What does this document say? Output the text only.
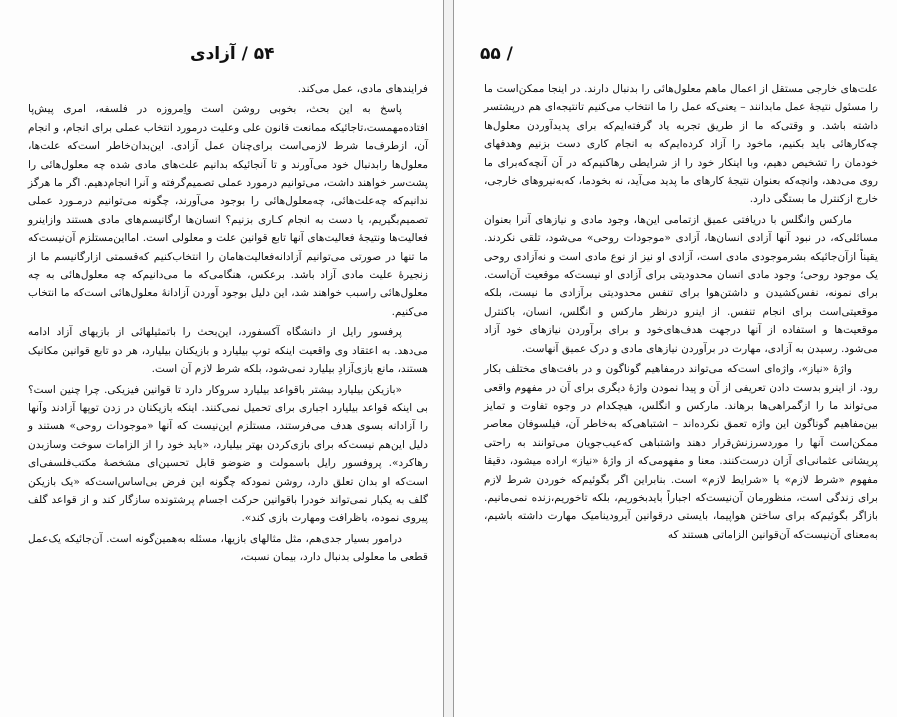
۵۴ / آزادی

فرایندهای مادی، عمل می‌کند.

پاسخ به این بحث، بخوبی روشن است واِمروزه در فلسفه، امری پیش‌پا افتاده‌مهمست،تاجائیکه ممانعت قانون علی وعلیت درمورد انتخاب عملی برای انجام، و انجام آن، ازطرف‌ما شرط لازمی‌است برای‌چنان عمل آزادی. این‌بدان‌خاطر است‌که علت‌ها، معلول‌ها رابدنبال خود می‌آورند و تا آنجائیکه بدانیم علت‌های مادی شده چه معلول‌هائی را پشت‌سر خواهند داشت، می‌توانیم درمورد عملی تصمیم‌گرفته و آنرا انجام‌دهیم. اگر ما هرگز ندانیم‌که چه‌علت‌هائی، چه‌معلول‌هائی را بوجود می‌آورند، چگونه می‌توانیم درمـورد عملی تصمیم‌بگیریم، یا دست به انجام کـاری بزنیم؟ انسان‌ها ارگانیسم‌های مادی هستند وازاینرو فعالیت‌ها ونتیجهٔ فعالیت‌های آنها تابع قوانین علت و معلولی است. امااین‌مستلزم آن‌نیست‌که ما تنها در صورتی می‌توانیم آزادانه‌فعالیت‌هامان را انتخاب‌کنیم که‌قسمتی ازارگانیسم ما از زنجیرهٔ علیت مادی آزاد باشد. برعکس، هنگامی‌که ما می‌دانیم‌که چه معلول‌هائی به چه معلول‌هائی راسبب خواهند شد، این دلیل بوجود آوردن آزادانهٔ معلول‌هائی است‌که ما انتخاب می‌کنیم.

پرفسور رایل از دانشگاه آکسفورد، این‌بحث را باتمثیلهائی از بازیهای آزاد ادامه می‌دهد. به اعتقاد وی واقعیت اینکه توپ بیلیارد و بازیکنان بیلیارد، هر دو تابع قوانین مکانیک هستند، مانع بازی‌آزادِ بیلیارد نمی‌شود، بلکه شرط لازم آن است.

«بازیکن بیلیارد بیشتر باقواعد بیلیارد سروکار دارد تا قوانین فیزیکی. چرا چنین است؟ بی اینکه قواعد بیلیارد اجباری برای تحمیل نمی‌کنند. اینکه بازیکنان در زدن توپها آزادند وآنها را آزادانه بسوی هدف می‌فرستند، مستلزم این‌نیست که آنها «موجودات روحی» هستند و دلیل این‌هم نیست‌که برای بازی‌کردن بهتر بیلیارد، «باید خود را از الزامات سوخت وسازبدن رهاکرد». پروفسور رایل باسمولت و ضوضو قابل تحسین‌ای مشخصهٔ مکتب‌فلسفی‌ای است‌که او بدان تعلق دارد، روشن نمودکه چگونه این فرض بی‌اساس‌است‌که «یک بازیکن گلف به یکبار نمی‌تواند خودرا باقوانین حرکت اجسام پرشتونده سازگار کند و از قواعد گلف پیروی نموده، باظرافت ومهارت بازی کند».

درامور بسیار جدی‌هم، مثل مثالهای بازیها، مسئله به‌همین‌گونه است. آن‌جائیکه یک‌عمل قطعی ما معلولی بدنبال دارد، بیمان نسبت،

۵۵ /

علت‌های خارجی مستقل از اعمال ماهم معلول‌هائی را بدنبال دارند. در اینجا ممکن‌است ما را مسئول نتیجهٔ عمل مابدانند – یعنی‌که عمل را ما انتخاب می‌کنیم تانتیجه‌ای هم درپشتسر داشته باشد. و وقتی‌که ما از طریق تجربه یاد گرفته‌ایم‌که برای پدیدآوردن معلول‌ها چه‌کارهائی باید بکنیم، ماخود را آزاد کرده‌ایم‌که به انجام کاری دست بزنیم وهدفهای خودمان را تشخیص دهیم، وبا اینکار خود را از شرایطی رهاکنیم‌که در آن آنچه‌که‌برای ما روی می‌دهد، وانچه‌که بعنوان نتیجهٔ کارهای ما پدید می‌آید، نه بخودما، که‌به‌نیروهای خارجی، خارج ازکنترل ما بستگی دارد.

مارکس وانگلس با دریافتی عمیق ازتمامی این‌ها، وجود مادی و نیازهای آنرا بعنوان مسائلی‌که، در نبود آنها آزادی انسان‌ها، آزادی «موجودات روحی» می‌شود، تلقی نکردند. یقیناً ازآن‌جائیکه بشرموجودی مادی است، آزادی او نیز از نوع مادی است و نه‌آزادی روحی یک موجود روحی؛ وجود مادی انسان محدودیتی برای آزادی او نیست‌که موقعیت آن‌است. برای نمونه، نفس‌کشیدن و داشتن‌هوا برای تنفس محدودیتی برآزادی ما نیست، بلکه موقعیتی‌است برای انجام تنفس. از اینرو درنظر مارکس و انگلس، انسان، باکنترل موقعیت‌ها و استفاده از آنها درجهت هدف‌های‌خود و برای برآوردن نیازهای خود آزاد می‌شود. رسیدن به آزادی، مهارت در برآوردن نیازهای مادی و درک عمیق آنهاست.

واژهٔ «نیاز»، واژه‌ای است‌که می‌تواند درمفاهیم گوناگون و در بافت‌های مختلف بکار رود. از اینرو بدست دادن تعریفی از آن و پیدا نمودن واژهٔ دیگری برای آن در مفهوم واقعی می‌تواند ما را ازگمراهی‌ها برهاند. مارکس و انگلس، هیچکدام در وجوه تفاوت و تمایز بین‌مفاهیم گوناگون این واژه تعمق نکرده‌اند – اشتباهی‌که به‌خاطر آن، فیلسوفان معاصر ممکن‌است آنها را موردسرزنش‌قرار دهند واشتباهی که‌عیب‌جویان می‌توانند به راحتی پریشانی عثمانی‌ای آزان درست‌کنند. معنا و مفهومی‌که از واژهٔ «نیاز» اراده میشود، دقیقا مفهوم «شرط لازم» یا «شرایط لازم» است. بنابراین اگر بگوئیم‌که خوردن شرط لازم برای زندگی است، منظورمان آن‌نیست‌که اجباراً بایدبخوریم، بلکه تاخوریم،زنده نمی‌مانیم. بازاگر بگوئیم‌که برای ساختن هواپیما، بایستی درقوانین آیرودینامیک مهارت داشته باشیم، به‌معنای آن‌نیست‌که آن‌قوانین الزاماتی هستند که
